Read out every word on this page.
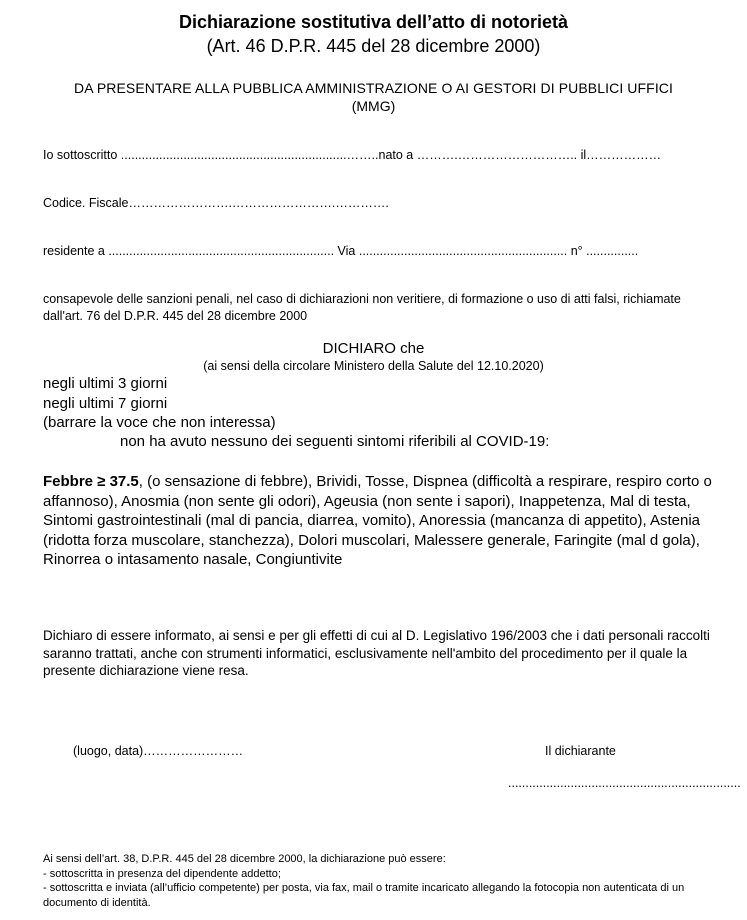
Dichiarazione sostitutiva dell’atto di notorietà
(Art. 46 D.P.R. 445 del 28 dicembre 2000)
DA PRESENTARE ALLA PUBBLICA AMMINISTRAZIONE O AI GESTORI DI PUBBLICI UFFICI
(MMG)
Io sottoscritto .................................................................……..nato a ……….……………………….. il………………
Codice. Fiscale…………………….…………………….………….
residente a ................................................................. Via ............................................................ n° ...............
consapevole delle sanzioni penali, nel caso di dichiarazioni non veritiere, di formazione o uso di atti falsi, richiamate dall'art. 76 del D.P.R. 445 del 28 dicembre 2000
DICHIARO che
(ai sensi della circolare Ministero della Salute del 12.10.2020)
negli ultimi 3 giorni
negli ultimi 7 giorni
(barrare la voce che non interessa)
non ha avuto nessuno dei seguenti sintomi riferibili al COVID-19:
Febbre ≥ 37.5, (o sensazione di febbre), Brividi, Tosse, Dispnea (difficoltà a respirare, respiro corto o affannoso), Anosmia (non sente gli odori), Ageusia (non sente i sapori), Inappetenza, Mal di testa, Sintomi gastrointestinali (mal di pancia, diarrea, vomito), Anoressia (mancanza di appetito), Astenia (ridotta forza muscolare, stanchezza), Dolori muscolari, Malessere generale, Faringite (mal d gola), Rinorrea o intasamento nasale, Congiuntivite
Dichiaro di essere informato, ai sensi e per gli effetti di cui al D. Legislativo 196/2003 che i dati personali raccolti saranno trattati, anche con strumenti informatici, esclusivamente nell'ambito del procedimento per il quale la presente dichiarazione viene resa.
(luogo, data)……………………	Il dichiarante
...................................................................
Ai sensi dell’art. 38, D.P.R. 445 del 28 dicembre 2000, la dichiarazione può essere:
- sottoscritta in presenza del dipendente addetto;
- sottoscritta e inviata (all’ufficio competente) per posta, via fax, mail o tramite incaricato allegando la fotocopia non autenticata di un documento di identità.
